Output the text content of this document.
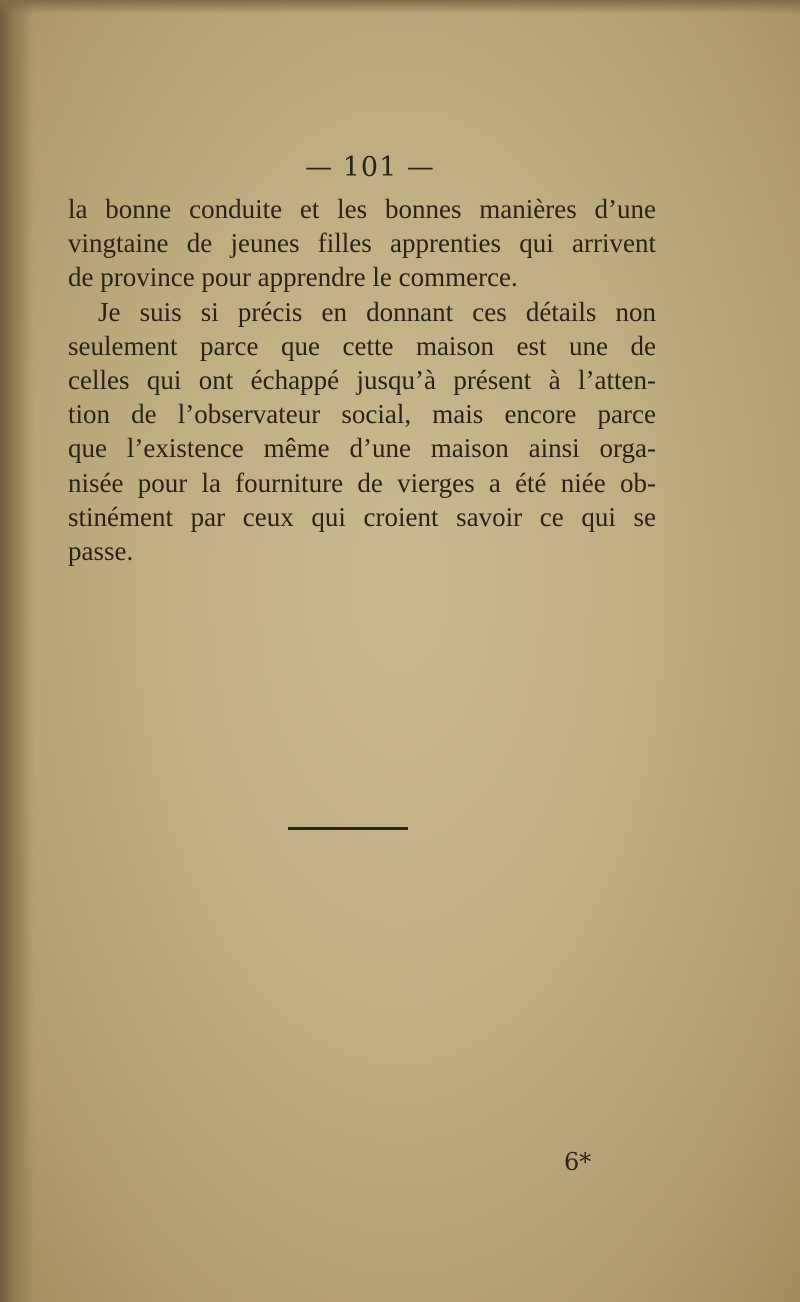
— 101 —
la bonne conduite et les bonnes manières d’une
vingtaine de jeunes filles apprenties qui arrivent
de province pour apprendre le commerce.
Je suis si précis en donnant ces détails non
seulement parce que cette maison est une de
celles qui ont échappé jusqu’à présent à l’atten-
tion de l’observateur social, mais encore parce
que l’existence même d’une maison ainsi orga-
nisée pour la fourniture de vierges a été niée ob-
stinément par ceux qui croient savoir ce qui se
passe.
6*
